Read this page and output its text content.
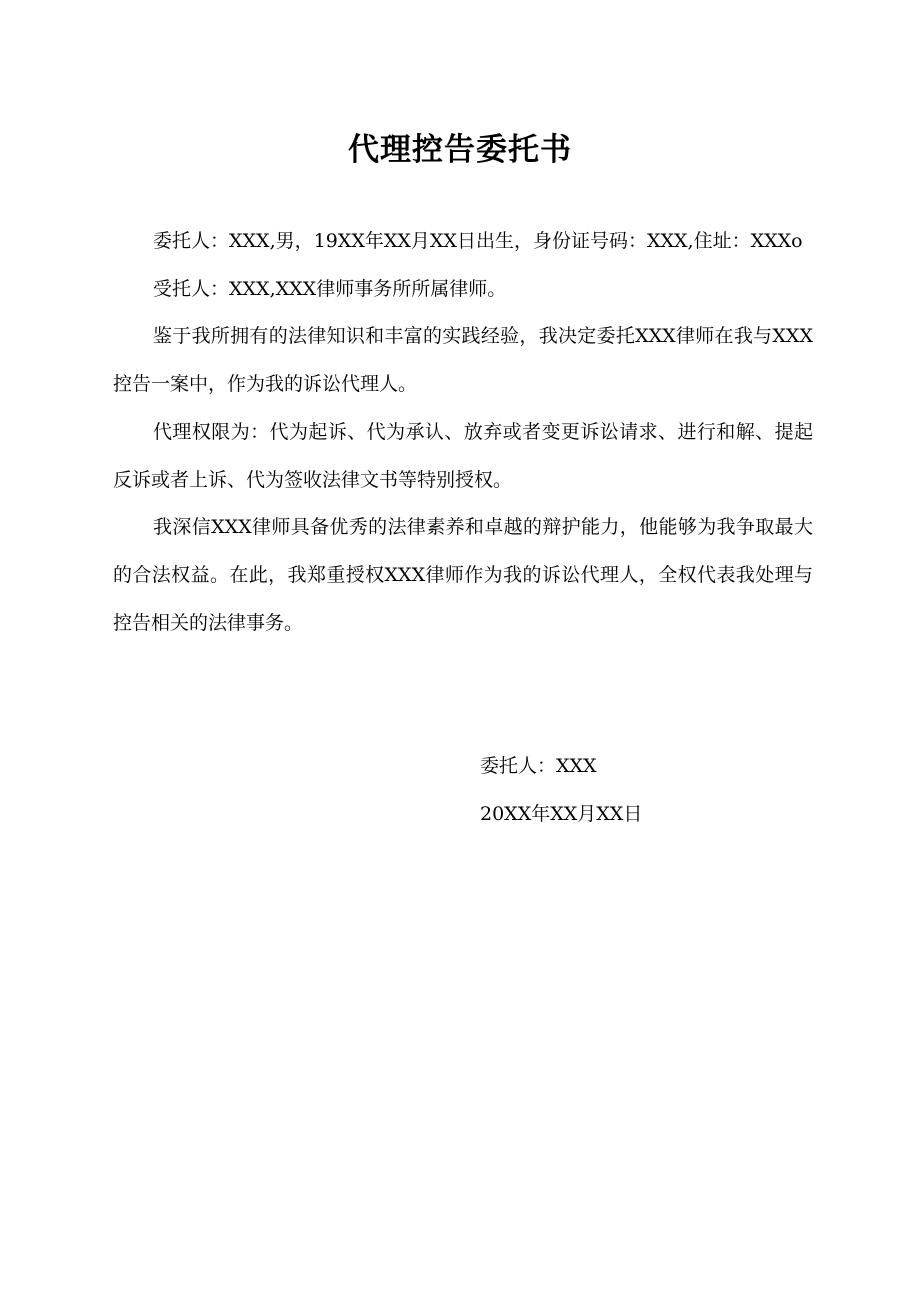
代理控告委托书

委托人：XXX,男，19XX年XX月XX日出生，身份证号码：XXX,住址：XXXo

受托人：XXX,XXX律师事务所所属律师。

鉴于我所拥有的法律知识和丰富的实践经验，我决定委托XXX律师在我与XXX控告一案中，作为我的诉讼代理人。

代理权限为：代为起诉、代为承认、放弃或者变更诉讼请求、进行和解、提起反诉或者上诉、代为签收法律文书等特别授权。

我深信XXX律师具备优秀的法律素养和卓越的辩护能力，他能够为我争取最大的合法权益。在此，我郑重授权XXX律师作为我的诉讼代理人，全权代表我处理与控告相关的法律事务。

委托人：XXX
20XX年XX月XX日
